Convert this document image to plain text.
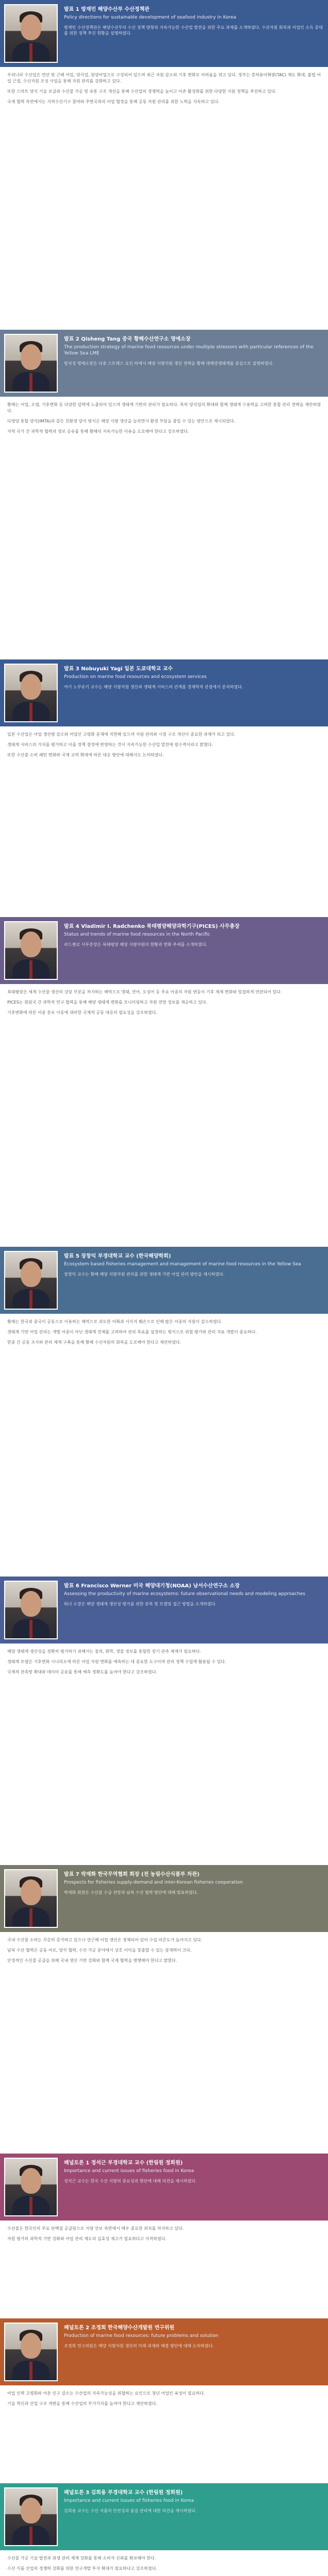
발표 1 방재민 해양수산부 수산정책관

Policy directions for sustainable development of seafood industry in Korea

방재민 수산정책관은 해양수산부의 수산 정책 방향과 지속가능한 수산업 발전을 위한 주요 과제를 소개하였다. 수산자원 회복과 어업인 소득 증대를 위한 정책 추진 현황을 설명하였다.

우리나라 수산업은 연안 및 근해 어업, 양식업, 원양어업으로 구성되어 있으며 최근 자원 감소와 기후 변화로 어려움을 겪고 있다. 정부는 총허용어획량(TAC) 제도 확대, 불법 어업 근절, 수산자원 조성 사업을 통해 자원 관리를 강화하고 있다.

또한 스마트 양식 기술 보급과 수산물 가공 및 유통 구조 개선을 통해 수산업의 경쟁력을 높이고 어촌 활성화를 위한 다양한 지원 정책을 추진하고 있다.

국제 협력 측면에서는 지역수산기구 참여와 주변국과의 어업 협정을 통해 공동 자원 관리를 위한 노력을 지속하고 있다.

발표 2 Qisheng Tang 중국 황해수산연구소 명예소장

The production strategy of marine food resources under multiple stressors with particular references of the Yellow Sea LME

탕치성 명예소장은 다중 스트레스 요인 하에서 해양 식량자원 생산 전략을 황해 대해양생태계를 중심으로 설명하였다.

황해는 어업, 오염, 기후변화 등 다양한 압력에 노출되어 있으며 생태계 기반의 관리가 필요하다. 특히 양식업의 확대와 함께 생태계 수용력을 고려한 통합 관리 전략을 제안하였다.

다영양 통합 양식(IMTA)과 같은 친환경 양식 방식은 해양 식량 생산을 늘리면서 환경 부담을 줄일 수 있는 방안으로 제시되었다.

지역 국가 간 과학적 협력과 정보 공유를 통해 황해의 지속가능한 이용을 도모해야 한다고 강조하였다.

발표 3 Nobuyuki Yagi 일본 도쿄대학교 교수

Production on marine food resources and ecosystem services

야기 노부유키 교수는 해양 식량자원 생산과 생태계 서비스의 관계를 경제학적 관점에서 분석하였다.

일본 수산업은 어업 생산량 감소와 어업인 고령화 문제에 직면해 있으며 자원 관리와 시장 구조 개선이 중요한 과제가 되고 있다.

생태계 서비스의 가치를 평가하고 이를 정책 결정에 반영하는 것이 지속가능한 수산업 발전에 필수적이라고 밝혔다.

또한 수산물 소비 패턴 변화와 국제 교역 확대에 따른 대응 방안에 대해서도 논의하였다.

발표 4 Vladimir I. Radchenko 북태평양해양과학기구(PICES) 사무총장

Status and trends of marine food resources in the North Pacific

라드첸코 사무총장은 북태평양 해양 식량자원의 현황과 변화 추세를 소개하였다.

북태평양은 세계 수산물 생산의 상당 부분을 차지하는 해역으로 명태, 연어, 오징어 등 주요 어종의 자원 변동이 기후 체제 변화와 밀접하게 연관되어 있다.

PICES는 회원국 간 과학적 연구 협력을 통해 해양 생태계 변화를 모니터링하고 자원 전망 정보를 제공하고 있다.

기후변화에 따른 어종 분포 이동에 대비한 국제적 공동 대응의 필요성을 강조하였다.

발표 5 장창익 부경대학교 교수 (한국해양학회)

Ecosystem based fisheries management and management of marine food resources in the Yellow Sea

장창익 교수는 황해 해양 식량자원 관리를 위한 생태계 기반 어업 관리 방안을 제시하였다.

황해는 한국과 중국이 공동으로 이용하는 해역으로 과도한 어획과 서식지 훼손으로 인해 많은 어종의 자원이 감소하였다.

생태계 기반 어업 관리는 개별 어종이 아닌 생태계 전체를 고려하여 관리 목표를 설정하는 방식으로 위험 평가와 관리 지표 개발이 중요하다.

한중 간 공동 조사와 관리 체계 구축을 통해 황해 수산자원의 회복을 도모해야 한다고 제언하였다.

발표 6 Francisco Werner 미국 해양대기청(NOAA) 남서수산연구소 소장

Assessing the productivity of marine ecosystems: future observational needs and modeling approaches

워너 소장은 해양 생태계 생산성 평가를 위한 관측 및 모델링 접근 방법을 소개하였다.

해양 생태계 생산성을 정확히 평가하기 위해서는 물리, 화학, 생물 정보를 통합한 장기 관측 체계가 필요하다.

생태계 모델은 기후변화 시나리오에 따른 어업 자원 변화를 예측하는 데 중요한 도구이며 관리 정책 수립에 활용될 수 있다.

국제적 관측망 확대와 데이터 공유를 통해 예측 정확도를 높여야 한다고 강조하였다.

발표 7 박재화 한국무역협회 회장 (전 농림수산식품부 차관)

Prospects for fisheries supply-demand and inter-Korean fisheries cooperation

박재화 회장은 수산물 수급 전망과 남북 수산 협력 방안에 대해 발표하였다.

국내 수산물 소비는 꾸준히 증가하고 있으나 연근해 어업 생산은 정체되어 있어 수입 의존도가 높아지고 있다.

남북 수산 협력은 공동 어로, 양식 협력, 수산 가공 분야에서 상호 이익을 창출할 수 있는 잠재력이 크다.

안정적인 수산물 공급을 위해 국내 생산 기반 강화와 함께 국제 협력을 병행해야 한다고 밝혔다.

패널토론 1 정석근 부경대학교 교수 (한림원 정회원)

Importance and current issues of fisheries food in Korea

정석근 교수는 한국 수산 식량의 중요성과 현안에 대해 의견을 제시하였다.

수산물은 한국인의 주요 단백질 공급원으로 식량 안보 측면에서 매우 중요한 위치를 차지하고 있다.

자원 평가의 과학적 기반 강화와 어업 관리 제도의 실효성 제고가 필요하다고 지적하였다.

패널토론 2 조정희 한국해양수산개발원 연구위원

Production of marine food resources: future problems and solution

조정희 연구위원은 해양 식량자원 생산의 미래 과제와 해결 방안에 대해 논의하였다.

어업 인력 고령화와 어촌 인구 감소는 수산업의 지속가능성을 위협하는 요인으로 청년 어업인 육성이 필요하다.

기술 혁신과 산업 구조 개편을 통해 수산업의 부가가치를 높여야 한다고 제안하였다.

패널토론 3 김희용 부경대학교 교수 (한림원 정회원)

Importance and current issues of fisheries food in Korea

김희용 교수는 수산 식품의 안전성과 품질 관리에 대한 의견을 제시하였다.

수산물 가공 기술 발전과 위생 관리 체계 강화를 통해 소비자 신뢰를 확보해야 한다.

수산 식품 산업의 경쟁력 강화를 위한 연구개발 투자 확대가 필요하다고 강조하였다.
